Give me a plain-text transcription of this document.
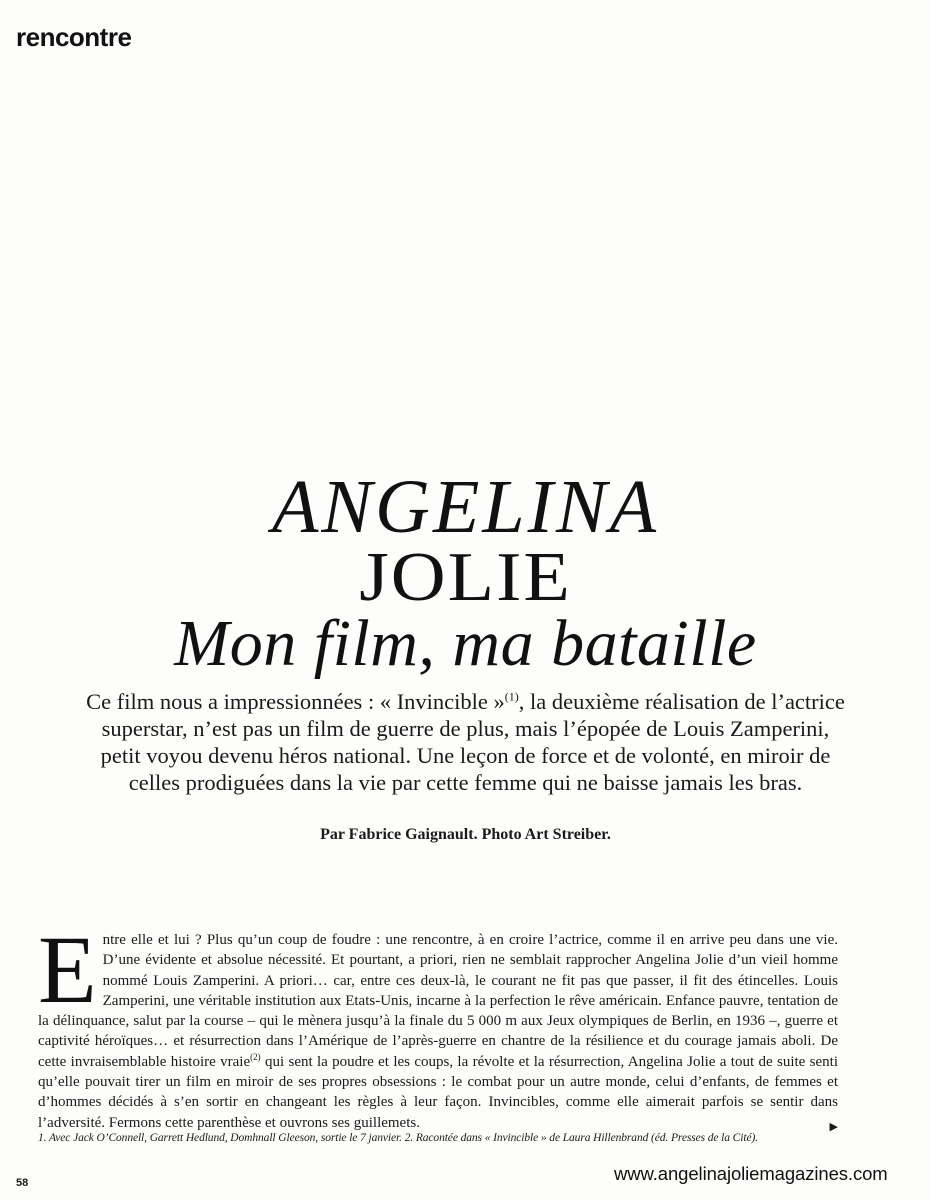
rencontre
ANGELINA
JOLIE
Mon film, ma bataille

Ce film nous a impressionnées : « Invincible »$^{(1)}$, la deuxième réalisation de l’actrice superstar, n’est pas un film de guerre de plus, mais l’épopée de Louis Zamperini, petit voyou devenu héros national. Une leçon de force et de volonté, en miroir de celles prodiguées dans la vie par cette femme qui ne baisse jamais les bras.

Par Fabrice Gaignault. Photo Art Streiber.

Entre elle et lui ? Plus qu’un coup de foudre : une rencontre, à en croire l’actrice, comme il en arrive peu dans une vie. D’une évidente et absolue nécessité. Et pourtant, a priori, rien ne semblait rapprocher Angelina Jolie d’un vieil homme nommé Louis Zamperini. A priori… car, entre ces deux-là, le courant ne fit pas que passer, il fit des étincelles. Louis Zamperini, une véritable institution aux Etats-Unis, incarne à la perfection le rêve américain. Enfance pauvre, tentation de la délinquance, salut par la course – qui le mènera jusqu’à la finale du 5 000 m aux Jeux olympiques de Berlin, en 1936 –, guerre et captivité héroïques… et résurrection dans l’Amérique de l’après-guerre en chantre de la résilience et du courage jamais aboli. De cette invraisemblable histoire vraie$^{(2)}$ qui sent la poudre et les coups, la révolte et la résurrection, Angelina Jolie a tout de suite senti qu’elle pouvait tirer un film en miroir de ses propres obsessions : le combat pour un autre monde, celui d’enfants, de femmes et d’hommes décidés à s’en sortir en changeant les règles à leur façon. Invincibles, comme elle aimerait parfois se sentir dans l’adversité. Fermons cette parenthèse et ouvrons ses guillemets.	▶

1. Avec Jack O’Connell, Garrett Hedlund, Domhnall Gleeson, sortie le 7 janvier. 2. Racontée dans « Invincible » de Laura Hillenbrand (éd. Presses de la Cité).

58	www.angelinajoliemagazines.com
